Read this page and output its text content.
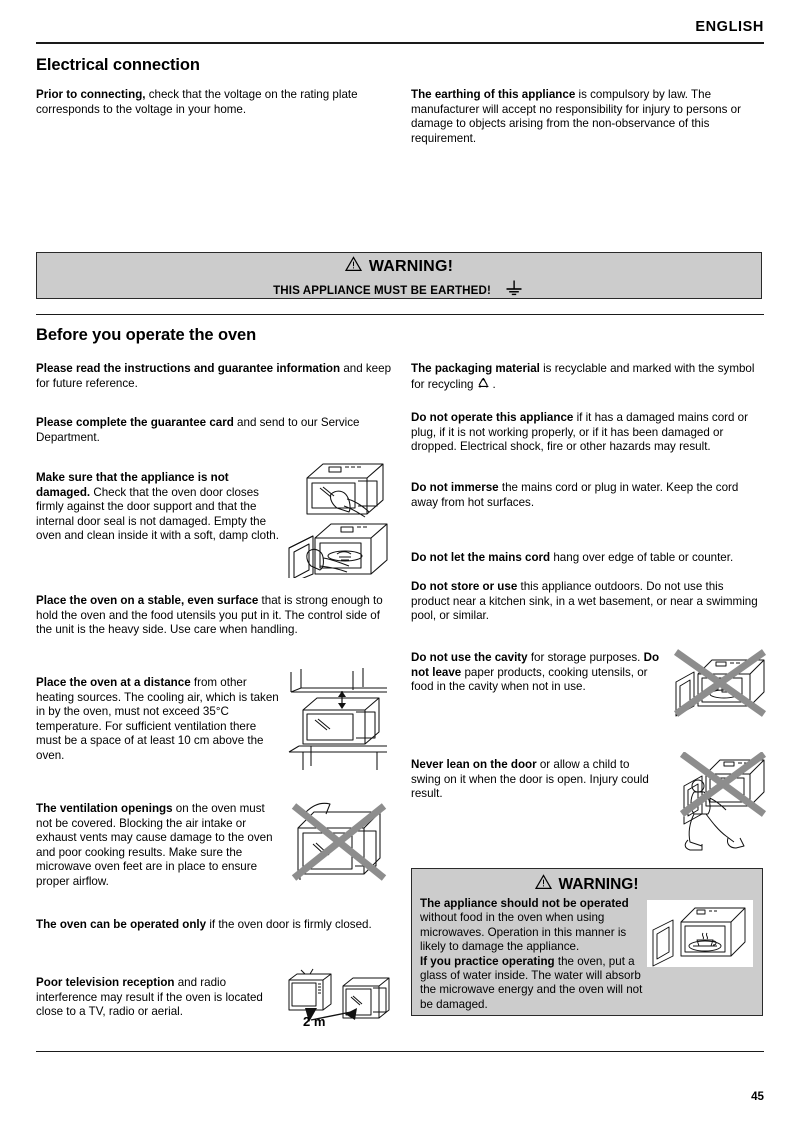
ENGLISH
Electrical connection

Prior to connecting, check that the voltage on the rating plate corresponds to the voltage in your home.

The earthing of this appliance is compulsory by law. The manufacturer will accept no responsibility for injury to persons or damage to objects arising from the non-observance of this requirement.

WARNING!
THIS APPLIANCE MUST BE EARTHED!
Before you operate the oven

Please read the instructions and guarantee information and keep for future reference.

Please complete the guarantee card and send to our Service Department.

Make sure that the appliance is not damaged. Check that the oven door closes firmly against the door support and that the internal door seal is not damaged. Empty the oven and clean inside it with a soft, damp cloth.

Place the oven on a stable, even surface that is strong enough to hold the oven and the food utensils you put in it. The control side of the unit is the heavy side. Use care when handling.

Place the oven at a distance from other heating sources. The cooling air, which is taken in by the oven, must not exceed 35°C temperature. For sufficient ventilation there must be a space of at least 10 cm above the oven.

The ventilation openings on the oven must not be covered. Blocking the air intake or exhaust vents may cause damage to the oven and poor cooking results. Make sure the microwave oven feet are in place to ensure proper airflow.

The oven can be operated only if the oven door is firmly closed.

Poor television reception and radio interference may result if the oven is located close to a TV, radio or aerial.

2 m

The packaging material is recyclable and marked with the symbol for recycling .

Do not operate this appliance if it has a damaged mains cord or plug, if it is not working properly, or if it has been damaged or dropped. Electrical shock, fire or other hazards may result.

Do not immerse the mains cord or plug in water. Keep the cord away from hot surfaces.

Do not let the mains cord hang over edge of table or counter.

Do not store or use this appliance outdoors. Do not use this product near a kitchen sink, in a wet basement, or near a swimming pool, or similar.

Do not use the cavity for storage purposes. Do not leave paper products, cooking utensils, or food in the cavity when not in use.

Never lean on the door or allow a child to swing on it when the door is open. Injury could result.

WARNING!

The appliance should not be operated without food in the oven when using microwaves. Operation in this manner is likely to damage the appliance.

If you practice operating the oven, put a glass of water inside. The water will absorb the microwave energy and the oven will not be damaged.

45
